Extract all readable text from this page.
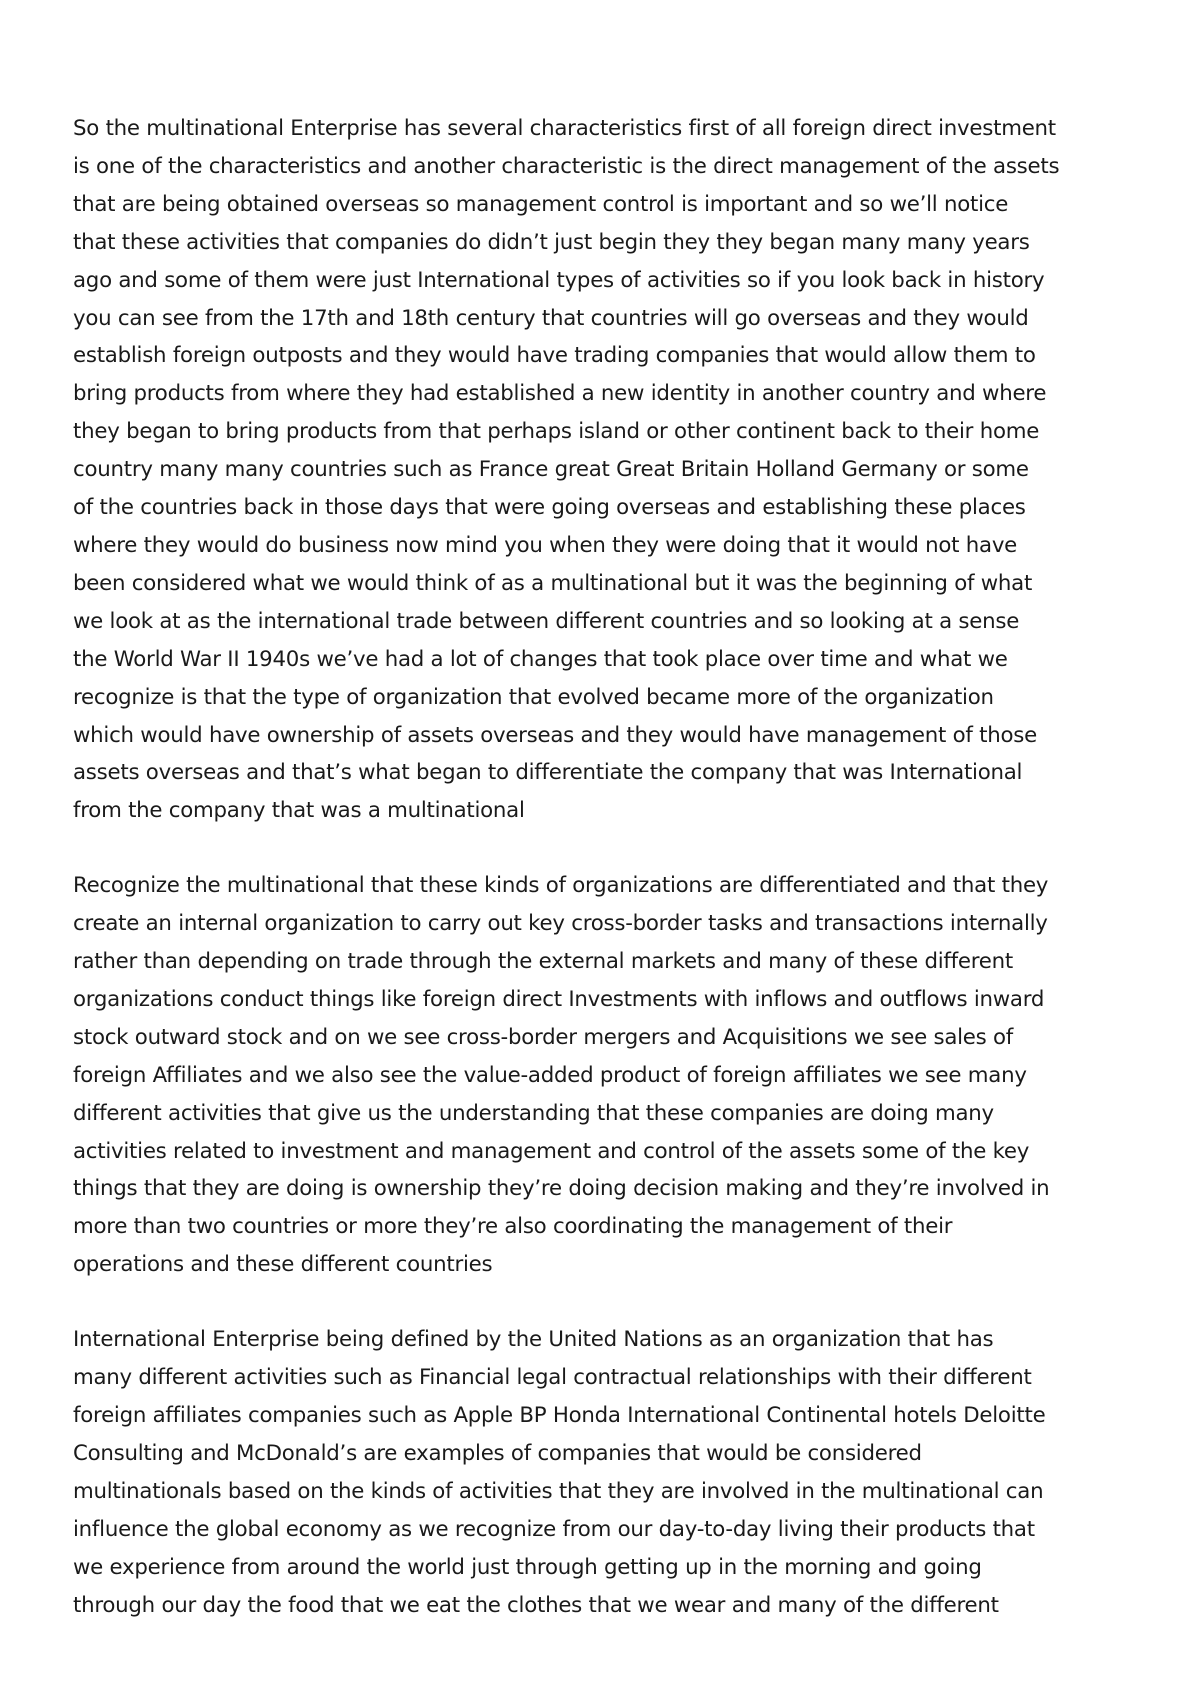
So the multinational Enterprise has several characteristics first of all foreign direct investment
is one of the characteristics and another characteristic is the direct management of the assets
that are being obtained overseas so management control is important and so we’ll notice
that these activities that companies do didn’t just begin they they began many many years
ago and some of them were just International types of activities so if you look back in history
you can see from the 17th and 18th century that countries will go overseas and they would
establish foreign outposts and they would have trading companies that would allow them to
bring products from where they had established a new identity in another country and where
they began to bring products from that perhaps island or other continent back to their home
country many many countries such as France great Great Britain Holland Germany or some
of the countries back in those days that were going overseas and establishing these places
where they would do business now mind you when they were doing that it would not have
been considered what we would think of as a multinational but it was the beginning of what
we look at as the international trade between different countries and so looking at a sense
the World War II 1940s we’ve had a lot of changes that took place over time and what we
recognize is that the type of organization that evolved became more of the organization
which would have ownership of assets overseas and they would have management of those
assets overseas and that’s what began to differentiate the company that was International
from the company that was a multinational

Recognize the multinational that these kinds of organizations are differentiated and that they
create an internal organization to carry out key cross-border tasks and transactions internally
rather than depending on trade through the external markets and many of these different
organizations conduct things like foreign direct Investments with inflows and outflows inward
stock outward stock and on we see cross-border mergers and Acquisitions we see sales of
foreign Affiliates and we also see the value-added product of foreign affiliates we see many
different activities that give us the understanding that these companies are doing many
activities related to investment and management and control of the assets some of the key
things that they are doing is ownership they’re doing decision making and they’re involved in
more than two countries or more they’re also coordinating the management of their
operations and these different countries

International Enterprise being defined by the United Nations as an organization that has
many different activities such as Financial legal contractual relationships with their different
foreign affiliates companies such as Apple BP Honda International Continental hotels Deloitte
Consulting and McDonald’s are examples of companies that would be considered
multinationals based on the kinds of activities that they are involved in the multinational can
influence the global economy as we recognize from our day-to-day living their products that
we experience from around the world just through getting up in the morning and going
through our day the food that we eat the clothes that we wear and many of the different
